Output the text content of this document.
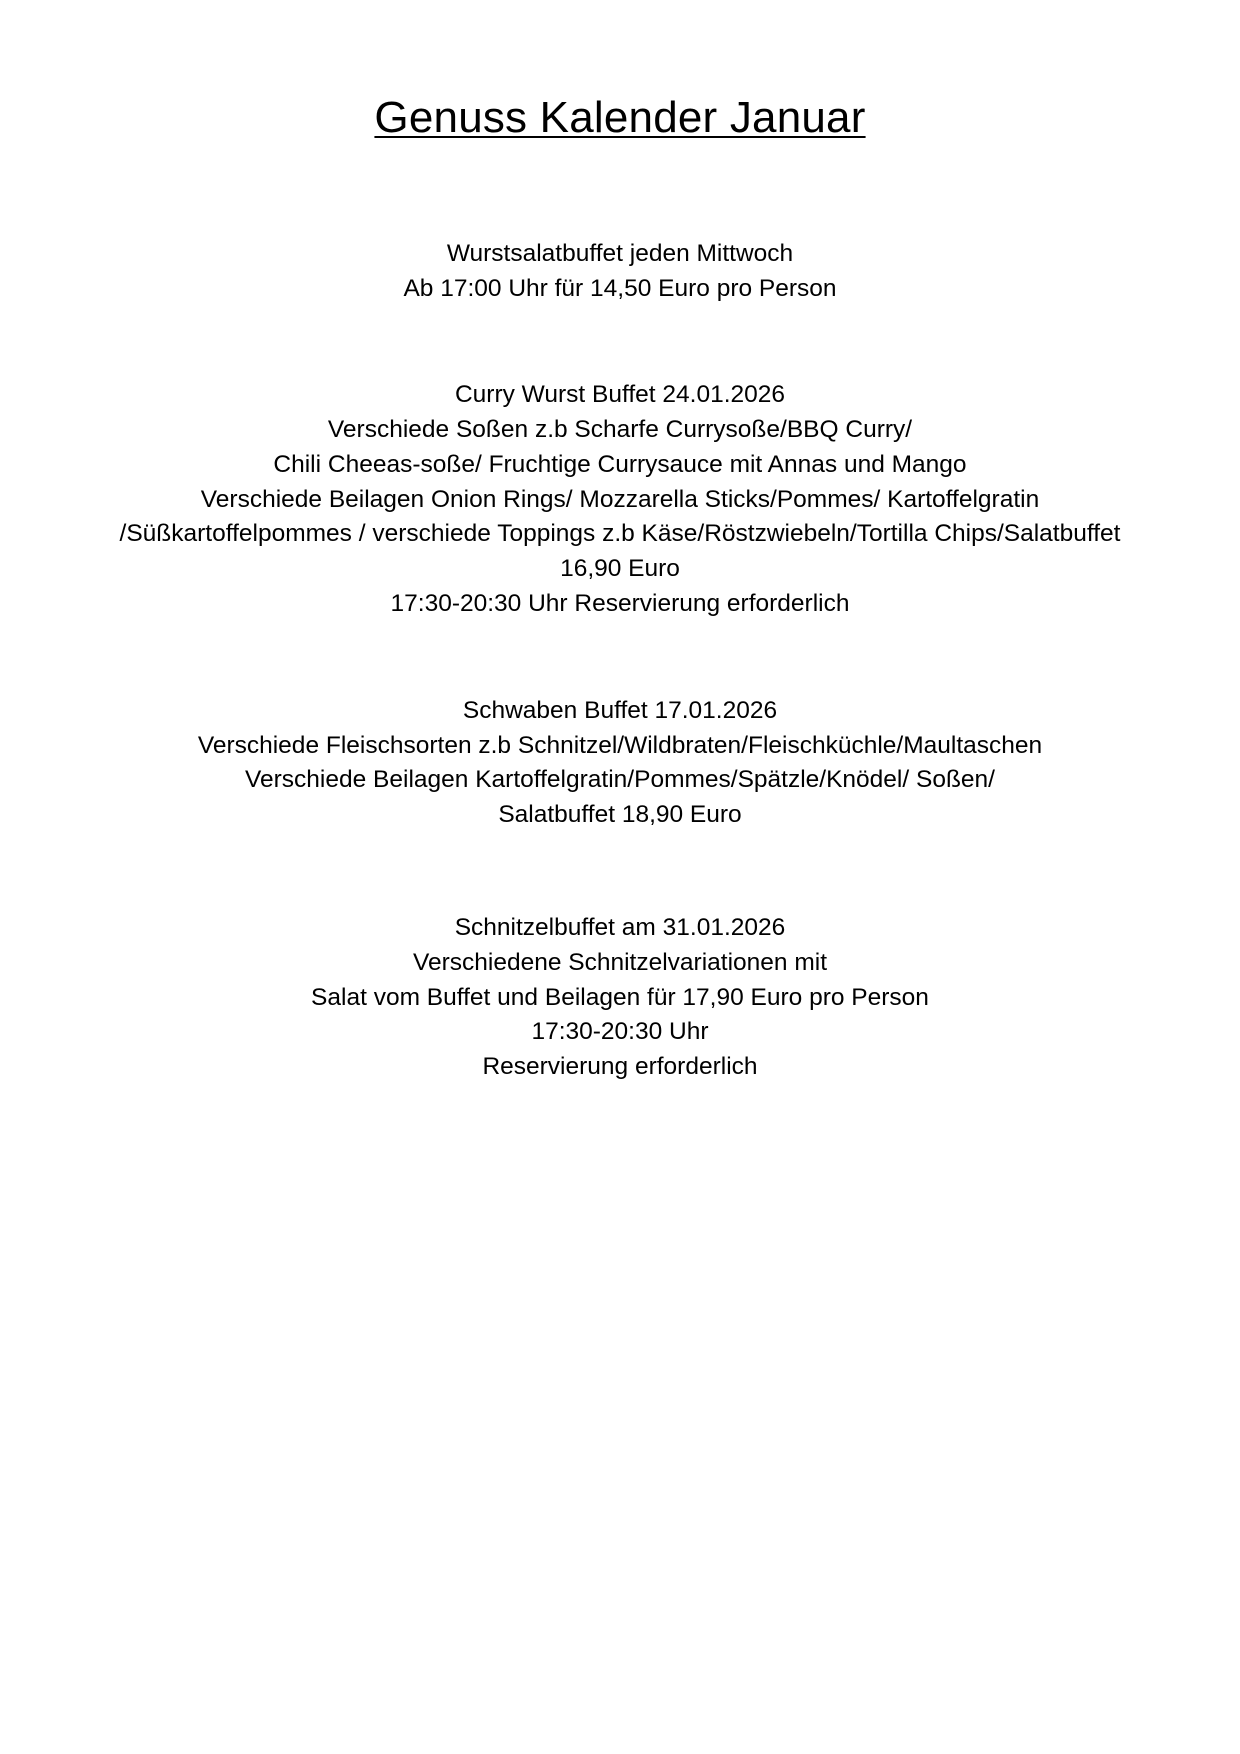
Genuss Kalender Januar
Wurstsalatbuffet jeden Mittwoch
Ab 17:00 Uhr für 14,50 Euro pro Person
Curry Wurst Buffet 24.01.2026
Verschiede Soßen z.b Scharfe Currysoße/BBQ Curry/
Chili Cheeas-soße/ Fruchtige Currysauce mit Annas und Mango
Verschiede Beilagen Onion Rings/ Mozzarella Sticks/Pommes/ Kartoffelgratin
/Süßkartoffelpommes / verschiede Toppings z.b Käse/Röstzwiebeln/Tortilla Chips/Salatbuffet
16,90 Euro
17:30-20:30 Uhr Reservierung erforderlich
Schwaben Buffet 17.01.2026
Verschiede Fleischsorten z.b Schnitzel/Wildbraten/Fleischküchle/Maultaschen
Verschiede Beilagen Kartoffelgratin/Pommes/Spätzle/Knödel/ Soßen/
Salatbuffet 18,90 Euro
Schnitzelbuffet am 31.01.2026
Verschiedene Schnitzelvariationen mit
Salat vom Buffet und Beilagen für 17,90 Euro pro Person
17:30-20:30 Uhr
Reservierung erforderlich
